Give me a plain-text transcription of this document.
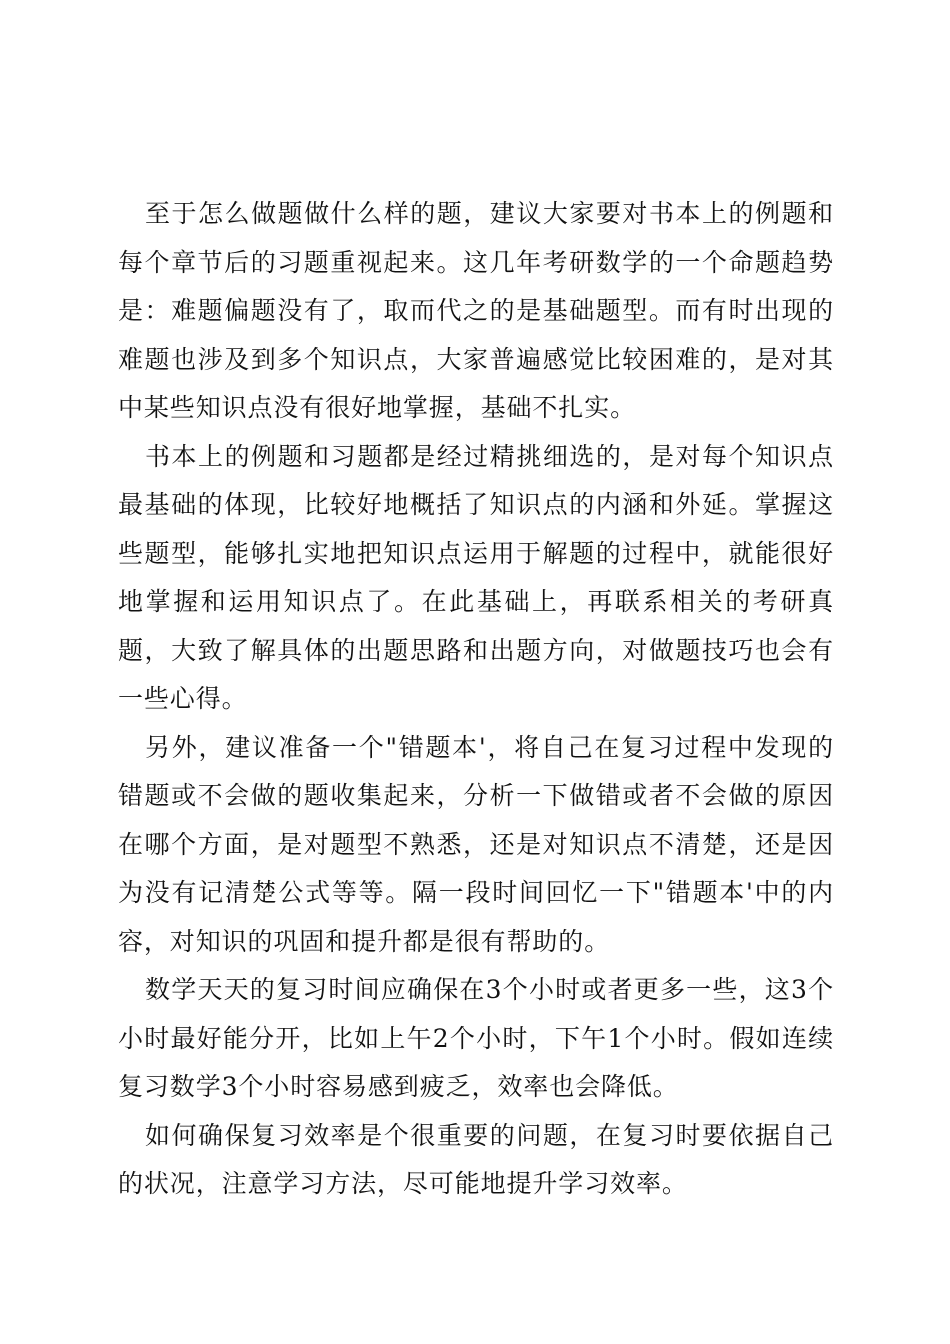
至于怎么做题做什么样的题，建议大家要对书本上的例题和每个章节后的习题重视起来。这几年考研数学的一个命题趋势是：难题偏题没有了，取而代之的是基础题型。而有时出现的难题也涉及到多个知识点，大家普遍感觉比较困难的，是对其中某些知识点没有很好地掌握，基础不扎实。

书本上的例题和习题都是经过精挑细选的，是对每个知识点最基础的体现，比较好地概括了知识点的内涵和外延。掌握这些题型，能够扎实地把知识点运用于解题的过程中，就能很好地掌握和运用知识点了。在此基础上，再联系相关的考研真题，大致了解具体的出题思路和出题方向，对做题技巧也会有一些心得。

另外，建议准备一个"错题本'，将自己在复习过程中发现的错题或不会做的题收集起来，分析一下做错或者不会做的原因在哪个方面，是对题型不熟悉，还是对知识点不清楚，还是因为没有记清楚公式等等。隔一段时间回忆一下"错题本'中的内容，对知识的巩固和提升都是很有帮助的。

数学天天的复习时间应确保在3个小时或者更多一些，这3个小时最好能分开，比如上午2个小时，下午1个小时。假如连续复习数学3个小时容易感到疲乏，效率也会降低。

如何确保复习效率是个很重要的问题，在复习时要依据自己的状况，注意学习方法，尽可能地提升学习效率。
